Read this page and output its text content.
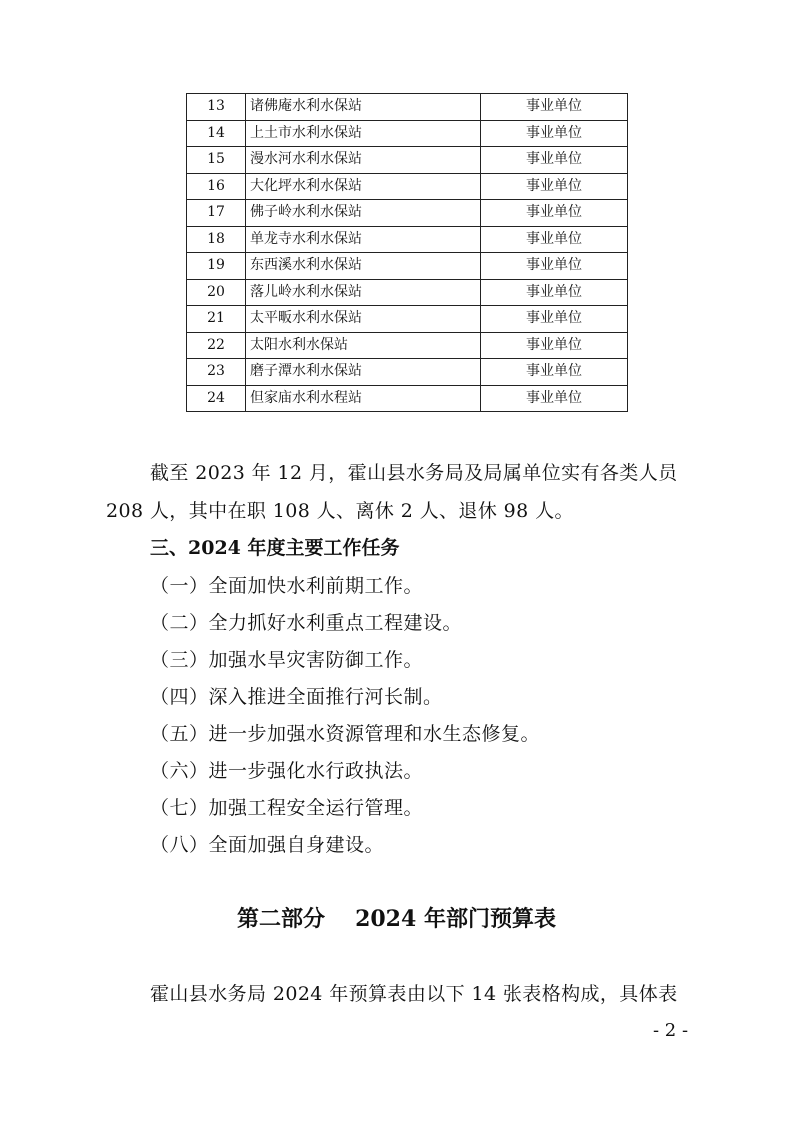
13	诸佛庵水利水保站	事业单位
14	上土市水利水保站	事业单位
15	漫水河水利水保站	事业单位
16	大化坪水利水保站	事业单位
17	佛子岭水利水保站	事业单位
18	单龙寺水利水保站	事业单位
19	东西溪水利水保站	事业单位
20	落儿岭水利水保站	事业单位
21	太平畈水利水保站	事业单位
22	太阳水利水保站	事业单位
23	磨子潭水利水保站	事业单位
24	但家庙水利水程站	事业单位

截至 2023 年 12 月，霍山县水务局及局属单位实有各类人员 208 人，其中在职 108 人、离休 2 人、退休 98 人。

三、2024 年度主要工作任务
（一）全面加快水利前期工作。
（二）全力抓好水利重点工程建设。
（三）加强水旱灾害防御工作。
（四）深入推进全面推行河长制。
（五）进一步加强水资源管理和水生态修复。
（六）进一步强化水行政执法。
（七）加强工程安全运行管理。
（八）全面加强自身建设。
第二部分 2024 年部门预算表

霍山县水务局 2024 年预算表由以下 14 张表格构成，具体表

- 2 -
